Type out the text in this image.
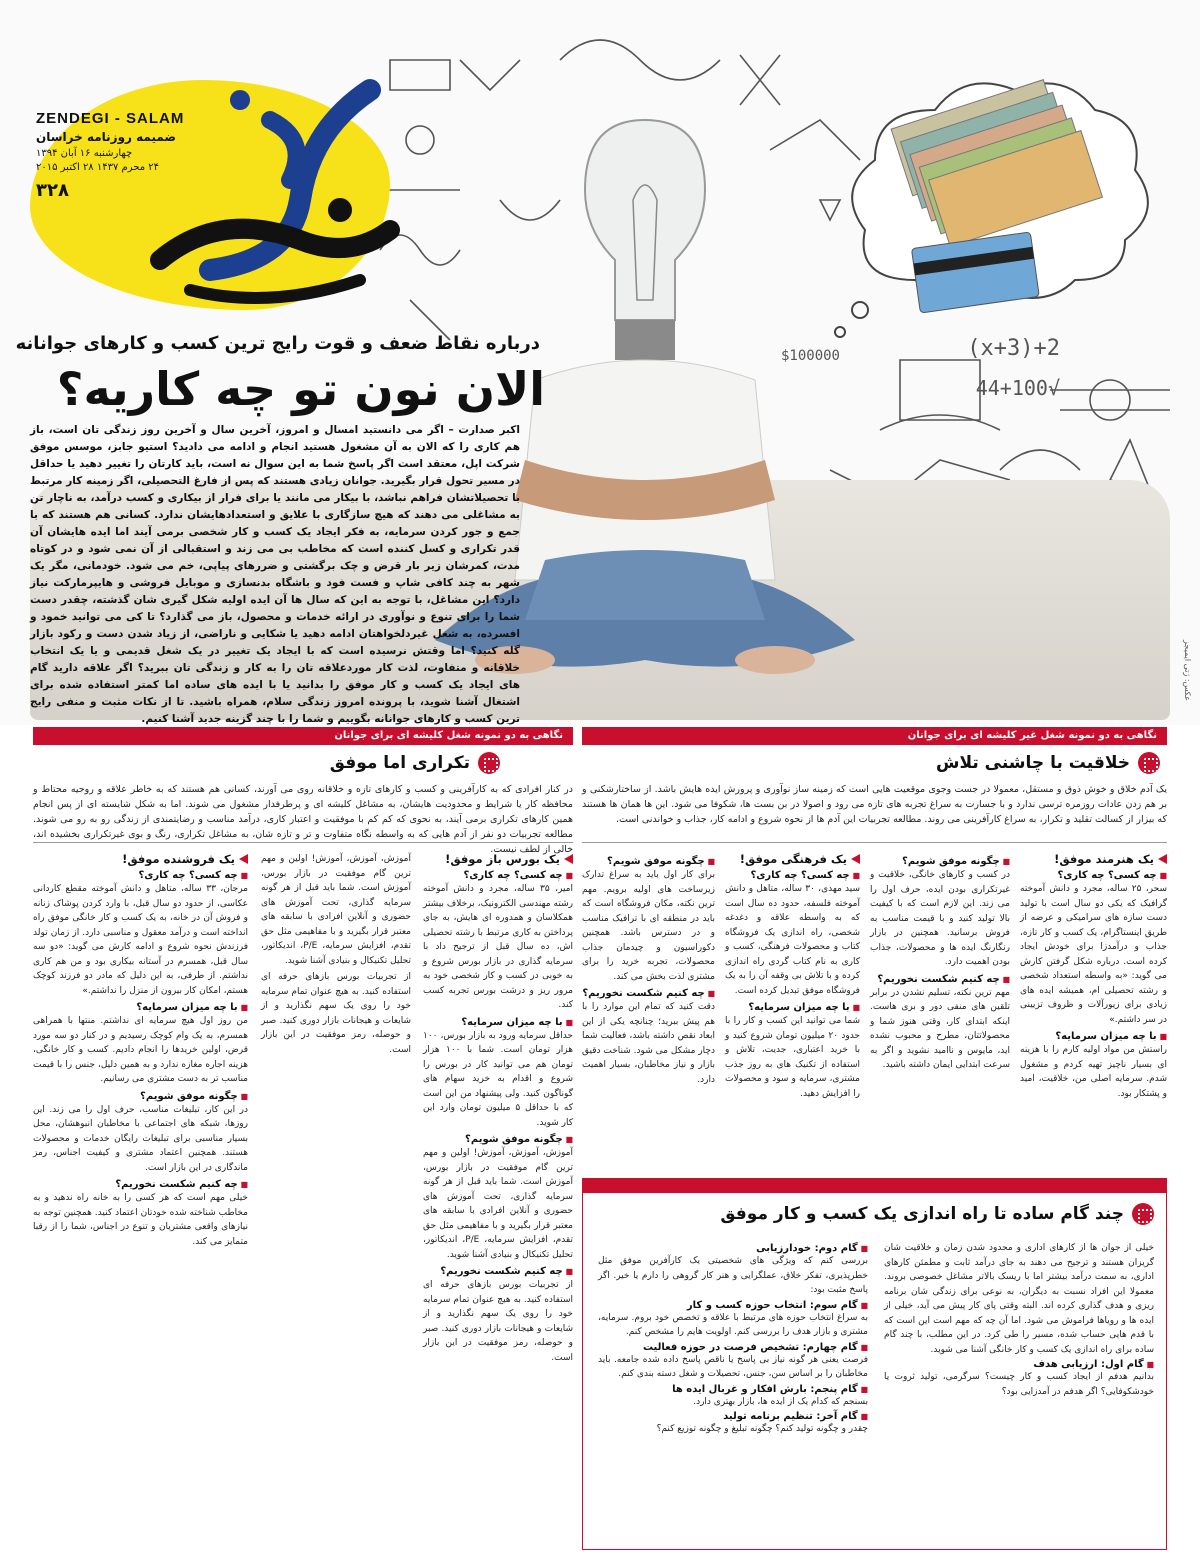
2+(3+x)
√44+100
$100000
ZENDEGI - SALAM
ضمیمه روزنامه خراسان
چهارشنبه ۱۶ آبان ۱۳۹۴
۲۴ محرم ۱۴۳۷ ۲۸ اکتبر ۲۰۱۵
۳۲۸
درباره نقاط ضعف و قوت رایج ترین کسب و کارهای جوانانه
الان نون تو چه کاریه؟
اکبر صدارت – اگر می دانستید امسال و امروز، آخرین سال و آخرین روز زندگی تان است، باز هم کاری را که الان به آن مشغول هستید انجام و ادامه می دادید؟ استیو جابز، موسس موفق شرکت اپل، معتقد است اگر پاسخ شما به این سوال نه است، باید کارتان را تغییر دهید یا حداقل در مسیر تحول قرار بگیرید. جوانان زیادی هستند که پس از فارغ التحصیلی، اگر زمینه کار مرتبط با تحصیلاتشان فراهم نباشد، با بیکار می مانند یا برای فرار از بیکاری و کسب درآمد، به ناچار تن به مشاغلی می دهند که هیچ سازگاری با علایق و استعدادهایشان ندارد. کسانی هم هستند که با جمع و جور کردن سرمایه، به فکر ایجاد یک کسب و کار شخصی برمی آیند اما ایده هایشان آن قدر تکراری و کسل کننده است که مخاطب بی می زند و استقبالی از آن نمی شود و در کوتاه مدت، کمرشان زیر بار قرض و چک برگشتی و ضررهای پیاپی، خم می شود. خودمانی، مگر یک شهر به چند کافی شاپ و فست فود و باشگاه بدنسازی و موبایل فروشی و هایپرمارکت نیاز دارد؟ این مشاغل، با توجه به این که سال ها آن ایده اولیه شکل گیری شان گذشته، چقدر دست شما را برای تنوع و نوآوری در ارائه خدمات و محصول، باز می گذارد؟ تا کی می توانید خمود و افسرده، به شغل غیردلخواهتان ادامه دهید یا شکایی و ناراضی، از زیاد شدن دست و رکود بازار گله کنید؟ اما وقتش نرسیده است که با ایجاد یک تغییر در یک شغل قدیمی و یا یک انتخاب خلاقانه و متفاوت، لذت کار موردعلاقه تان را به کار و زندگی تان ببرید؟ اگر علاقه دارید گام های ایجاد یک کسب و کار موفق را بدانید یا با ایده های ساده اما کمتر استفاده شده برای اشتغال آشنا شوید، با پرونده امروز زندگی سلام، همراه باشید. تا از نکات مثبت و منفی رایج ترین کسب و کارهای جوانانه بگوییم و شما را با چند گزینه جدید آشنا کنیم.
عکس: ژتی ایمیجز
نگاهی به دو نمونه شغل کلیشه ای برای جوانان
تکراری اما موفق
در کنار افرادی که به کارآفرینی و کسب و کارهای تازه و خلاقانه روی می آورند، کسانی هم هستند که به خاطر علاقه و روحیه محتاط و محافظه کار یا شرایط و محدودیت هایشان، به مشاغل کلیشه ای و پرطرفدار مشغول می شوند. اما به شکل شایسته ای از پس انجام همین کارهای تکراری برمی آیند، به نحوی که کم کم با موفقیت و اعتبار کاری، درآمد مناسب و رضایتمندی از زندگی رو به رو می شوند. مطالعه تجربیات دو نفر از آدم هایی که به واسطه نگاه متفاوت و تر و تازه شان، به مشاغل تکراری، رنگ و بوی غیرتکراری بخشیده اند، خالی از لطف نیست.
یک بورس باز موفق!
■ چه کسی؟ چه کاری؟

امیر، ۳۵ ساله، مجرد و دانش آموخته رشته مهندسی الکترونیک، برخلاف بیشتر همکلاسان و همدوره ای هایش، به جای پرداختن به کاری مرتبط با رشته تحصیلی اش، ده سال قبل از ترجیح داد با سرمایه گذاری در بازار بورس شروع و به خوبی در کسب و کار شخصی خود به مرور ریز و درشت بورس تجربه کسب کند.

■ با چه میزان سرمایه؟

حداقل سرمایه ورود به بازار بورس، ۱۰۰ هزار تومان است. شما با ۱۰۰ هزار تومان هم می توانید کار در بورس را شروع و اقدام به خرید سهام های گوناگون کنید. ولی پیشنهاد من این است که با حداقل ۵ میلیون تومان وارد این کار شوید.

■ چگونه موفق شویم؟

آموزش، آموزش، آموزش! اولین و مهم ترین گام موفقیت در بازار بورس، آموزش است. شما باید قبل از هر گونه سرمایه گذاری، تحت آموزش های حضوری و آنلاین افرادی با سابقه های معتبر قرار بگیرید و با مفاهیمی مثل حق تقدم، افزایش سرمایه، P/E، اندیکاتور، تحلیل تکنیکال و بنیادی آشنا شوید.

■ چه کنیم شکست نخوریم؟

از تجربیات بورس بازهای حرفه ای استفاده کنید. به هیچ عنوان تمام سرمایه خود را روی یک سهم نگذارید و از شایعات و هیجانات بازار دوری کنید. صبر و حوصله، رمز موفقیت در این بازار است.

آموزش، آموزش، آموزش! اولین و مهم ترین گام موفقیت در بازار بورس، آموزش است. شما باید قبل از هر گونه سرمایه گذاری، تحت آموزش های حضوری و آنلاین افرادی با سابقه های معتبر قرار بگیرید و با مفاهیمی مثل حق تقدم، افزایش سرمایه، P/E، اندیکاتور، تحلیل تکنیکال و بنیادی آشنا شوید.

از تجربیات بورس بازهای حرفه ای استفاده کنید. به هیچ عنوان تمام سرمایه خود را روی یک سهم نگذارید و از شایعات و هیجانات بازار دوری کنید. صبر و حوصله، رمز موفقیت در این بازار است.

یک فروشنده موفق!
■ چه کسی؟ چه کاری؟

مرجان، ۳۳ ساله، متاهل و دانش آموخته مقطع کاردانی عکاسی، از حدود دو سال قبل، با وارد کردن پوشاک زنانه و فروش آن در خانه، به یک کسب و کار خانگی موفق راه انداخته است و درآمد معقول و مناسبی دارد. از زمان تولد فرزندش نحوه شروع و ادامه کارش می گوید: «دو سه سال قبل، همسرم در آستانه بیکاری بود و من هم کاری نداشتم. از طرفی، به این دلیل که مادر دو فرزند کوچک هستم، امکان کار بیرون از منزل را نداشتم.»

■ با چه میزان سرمایه؟

من روز اول هیچ سرمایه ای نداشتم. منتها با همراهی همسرم، به یک وام کوچک رسیدیم و در کنار دو سه مورد قرض، اولین خریدها را انجام دادیم. کسب و کار خانگی، هزینه اجاره مغازه ندارد و به همین دلیل، جنس را با قیمت مناسب تر به دست مشتری می رسانیم.

■ چگونه موفق شویم؟

در این کار، تبلیغات مناسب، حرف اول را می زند. این روزها، شبکه های اجتماعی با مخاطبان انبوهشان، محل بسیار مناسبی برای تبلیغات رایگان خدمات و محصولات هستند. همچنین اعتماد مشتری و کیفیت اجناس، رمز ماندگاری در این بازار است.

■ چه کنیم شکست نخوریم؟

خیلی مهم است که هر کسی را به خانه راه ندهید و به مخاطب شناخته شده خودتان اعتماد کنید. همچنین توجه به نیازهای واقعی مشتریان و تنوع در اجناس، شما را از رقبا متمایز می کند.

نگاهی به دو نمونه شغل غیر کلیشه ای برای جوانان
خلاقیت با چاشنی تلاش
یک آدم خلاق و خوش ذوق و مستقل، معمولا در جست وجوی موقعیت هایی است که زمینه ساز نوآوری و پرورش ایده هایش باشد. از ساختارشکنی و بر هم زدن عادات روزمره ترسی ندارد و با جسارت به سراغ تجربه های تازه می رود و اصولا در بن بست ها، شکوفا می شود. این ها همان ها هستند که بیزار از کسالت تقلید و تکرار، به سراغ کارآفرینی می روند. مطالعه تجربیات این آدم ها از نحوه شروع و ادامه کار، جذاب و خواندنی است.
یک هنرمند موفق!
■ چه کسی؟ چه کاری؟

سحر، ۲۵ ساله، مجرد و دانش آموخته گرافیک که یکی دو سال است با تولید دست سازه های سرامیکی و عرضه از طریق اینستاگرام، یک کسب و کار تازه، جذاب و درآمدزا برای خودش ایجاد کرده است. درباره شکل گرفتن کارش می گوید: «به واسطه استعداد شخصی و رشته تحصیلی ام، همیشه ایده های زیادی برای زیورآلات و ظروف تزیینی در سر داشتم.»

■ با چه میزان سرمایه؟

راستش من مواد اولیه کارم را با هزینه ای بسیار ناچیز تهیه کردم و مشغول شدم. سرمایه اصلی من، خلاقیت، امید و پشتکار بود.

■ چگونه موفق شویم؟

در کسب و کارهای خانگی، خلاقیت و غیرتکراری بودن ایده، حرف اول را می زند. این لازم است که با کیفیت بالا تولید کنید و با قیمت مناسب به فروش برسانید. همچنین در بازار رنگارنگ ایده ها و محصولات، جذاب بودن اهمیت دارد.

■ چه کنیم شکست نخوریم؟

مهم ترین نکته، تسلیم نشدن در برابر تلقین های منفی دور و بری هاست. اینکه ابتدای کار، وقتی هنوز شما و محصولاتتان، مطرح و محبوب نشده اید، مایوس و ناامید نشوید و اگر به سرعت ابتدایی ایمان داشته باشید.

یک فرهنگی موفق!
■ چه کسی؟ چه کاری؟

سید مهدی، ۳۰ ساله، متاهل و دانش آموخته فلسفه، حدود ده سال است که به واسطه علاقه و دغدغه شخصی، راه اندازی یک فروشگاه کتاب و محصولات فرهنگی، کسب و کاری به نام کتاب گردی راه اندازی کرده و با تلاش بی وقفه آن را به یک فروشگاه موفق تبدیل کرده است.

■ با چه میزان سرمایه؟

شما می توانید این کسب و کار را با حدود ۲۰ میلیون تومان شروع کنید و با خرید اعتباری، جدیت، تلاش و استفاده از تکنیک های به روز جذب مشتری، سرمایه و سود و محصولات را افزایش دهید.

■ چگونه موفق شویم؟

برای کار اول باید به سراغ تدارک زیرساخت های اولیه برویم. مهم ترین نکته، مکان فروشگاه است که باید در منطقه ای با ترافیک مناسب و در دسترس باشد. همچنین دکوراسیون و چیدمان جذاب محصولات، تجربه خرید را برای مشتری لذت بخش می کند.

■ چه کنیم شکست نخوریم؟

دقت کنید که تمام این موارد را با هم پیش ببرید؛ چنانچه یکی از این ابعاد نقص داشته باشد، فعالیت شما دچار مشکل می شود. شناخت دقیق بازار و نیاز مخاطبان، بسیار اهمیت دارد.

چند گام ساده تا راه اندازی یک کسب و کار موفق

خیلی از جوان ها از کارهای اداری و محدود شدن زمان و خلاقیت شان گریزان هستند و ترجیح می دهند به جای درآمد ثابت و مطمئن کارهای اداری، به سمت درآمد بیشتر اما با ریسک بالاتر مشاغل خصوصی بروند. معمولا این افراد نسبت به دیگران، به نوعی برای زندگی شان برنامه ریزی و هدف گذاری کرده اند. البته وقتی پای کار پیش می آید، خیلی از ایده ها و رویاها فراموش می شود. اما آن چه که مهم است این است که با قدم هایی حساب شده، مسیر را طی کرد. در این مطلب، با چند گام ساده برای راه اندازی یک کسب و کار خانگی آشنا می شوید.

■ گام اول: ارزیابی هدف

بدانیم هدفم از ایجاد کسب و کار چیست؟ سرگرمی، تولید ثروت یا خودشکوفایی؟ اگر هدفم در آمدزایی بود؟

■ گام دوم: خودارزیابی

بررسی کنم که ویژگی های شخصیتی یک کارآفرین موفق مثل خطرپذیری، تفکر خلاق، عملگرایی و هنر کار گروهی را دارم یا خیر. اگر پاسخ مثبت بود:

■ گام سوم: انتخاب حوزه کسب و کار

به سراغ انتخاب حوزه های مرتبط با علاقه و تخصص خود بروم. سرمایه، مشتری و بازار هدف را بررسی کنم. اولویت هایم را مشخص کنم.

■ گام چهارم: تشخیص فرصت در حوزه فعالیت

فرصت یعنی هر گونه نیاز بی پاسخ یا ناقص پاسخ داده شده جامعه. باید مخاطبان را بر اساس سن، جنس، تحصیلات و شغل دسته بندی کنم.

■ گام پنجم: بارش افکار و غربال ایده ها

بسنجم که کدام یک از ایده ها، بازار بهتری دارد.

■ گام آخر: تنظیم برنامه تولید

چقدر و چگونه تولید کنم؟ چگونه تبلیغ و چگونه توزیع کنم؟
